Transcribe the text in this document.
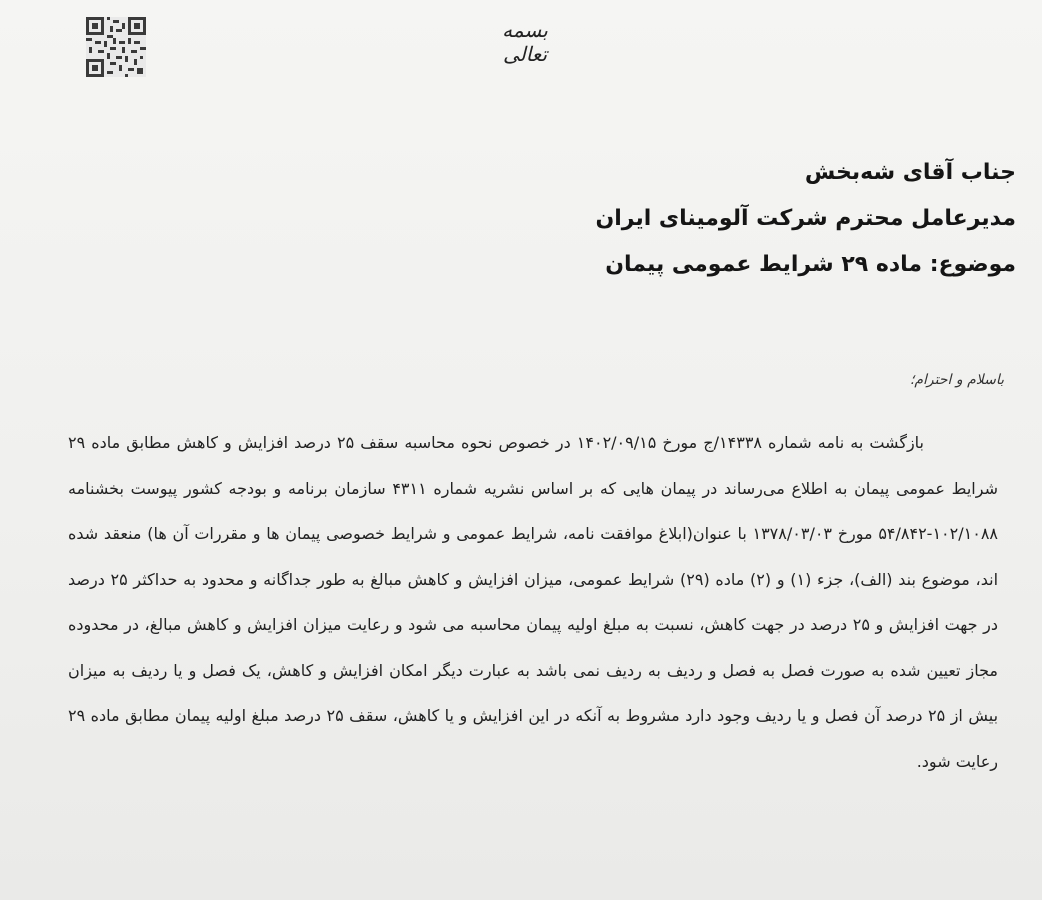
بسمه تعالی
جناب آقای شه‌بخش
مدیرعامل محترم شرکت آلومینای ایران
موضوع: ماده ۲۹ شرایط عمومی پیمان
باسلام و احترام؛
بازگشت به نامه شماره ۱۴۳۳۸/ج مورخ ۱۴۰۲/۰۹/۱۵ در خصوص نحوه محاسبه سقف ۲۵ درصد افزایش و کاهش مطابق ماده ۲۹ شرایط عمومی پیمان به اطلاع می‌رساند در پیمان هایی که بر اساس نشریه شماره ۴۳۱۱ سازمان برنامه و بودجه کشور پیوست بخشنامه ۱۰۲/۱۰۸۸-۵۴/۸۴۲ مورخ ۱۳۷۸/۰۳/۰۳ با عنوان(ابلاغ موافقت نامه، شرایط عمومی و شرایط خصوصی پیمان ها و مقررات آن ها) منعقد شده اند، موضوع بند (الف)، جزء (۱) و (۲) ماده (۲۹) شرایط عمومی، میزان افزایش و کاهش مبالغ به طور جداگانه و محدود به حداکثر ۲۵ درصد در جهت افزایش و ۲۵ درصد در جهت کاهش، نسبت به مبلغ اولیه پیمان محاسبه می شود و رعایت میزان افزایش و کاهش مبالغ، در محدوده مجاز تعیین شده به صورت فصل به فصل و ردیف به ردیف نمی باشد به عبارت دیگر امکان افزایش و کاهش، یک فصل و یا ردیف به میزان بیش از ۲۵ درصد آن فصل و یا ردیف وجود دارد مشروط به آنکه در این افزایش و یا کاهش، سقف ۲۵ درصد مبلغ اولیه پیمان مطابق ماده ۲۹ رعایت شود.
